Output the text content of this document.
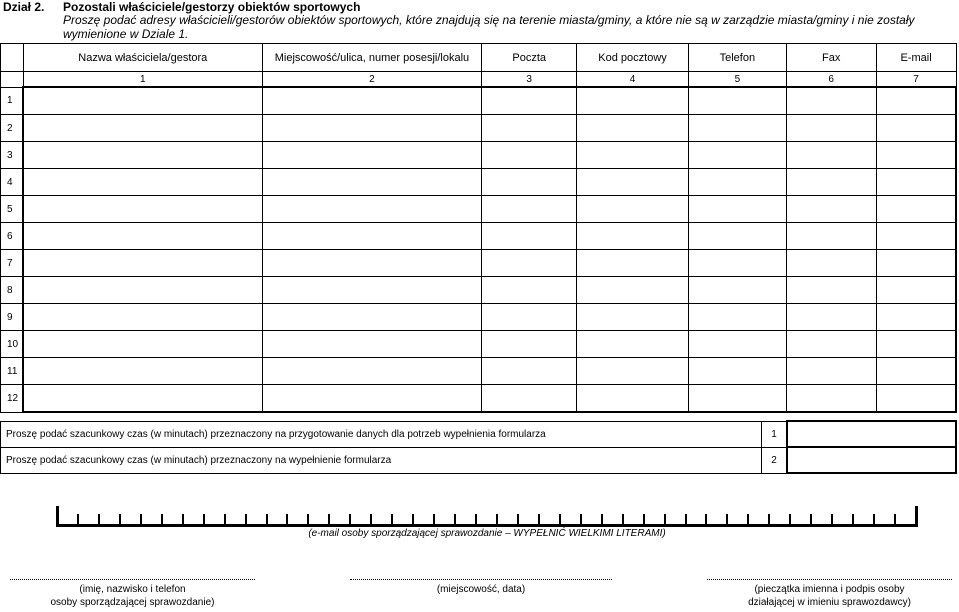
Dział 2. Pozostali właściciele/gestorzy obiektów sportowych
Proszę podać adresy właścicieli/gestorów obiektów sportowych, które znajdują się na terenie miasta/gminy, a które nie są w zarządzie miasta/gminy i nie zostały wymienione w Dziale 1.
	Nazwa właściciela/gestora	Miejscowość/ulica, numer posesji/lokalu	Poczta	Kod pocztowy	Telefon	Fax	E-mail
	1	2	3	4	5	6	7
1							
2							
3							
4							
5							
6							
7							
8							
9							
10							
11							
12							
Proszę podać szacunkowy czas (w minutach) przeznaczony na przygotowanie danych dla potrzeb wypełnienia formularza	1	
Proszę podać szacunkowy czas (w minutach) przeznaczony na wypełnienie formularza	2	
(e-mail osoby sporządzającej sprawozdanie – WYPEŁNIĆ WIELKIMI LITERAMI)
(imię, nazwisko i telefon
osoby sporządzającej sprawozdanie)
(miejscowość, data)	(pieczątka imienna i podpis osoby
działającej w imieniu sprawozdawcy)
